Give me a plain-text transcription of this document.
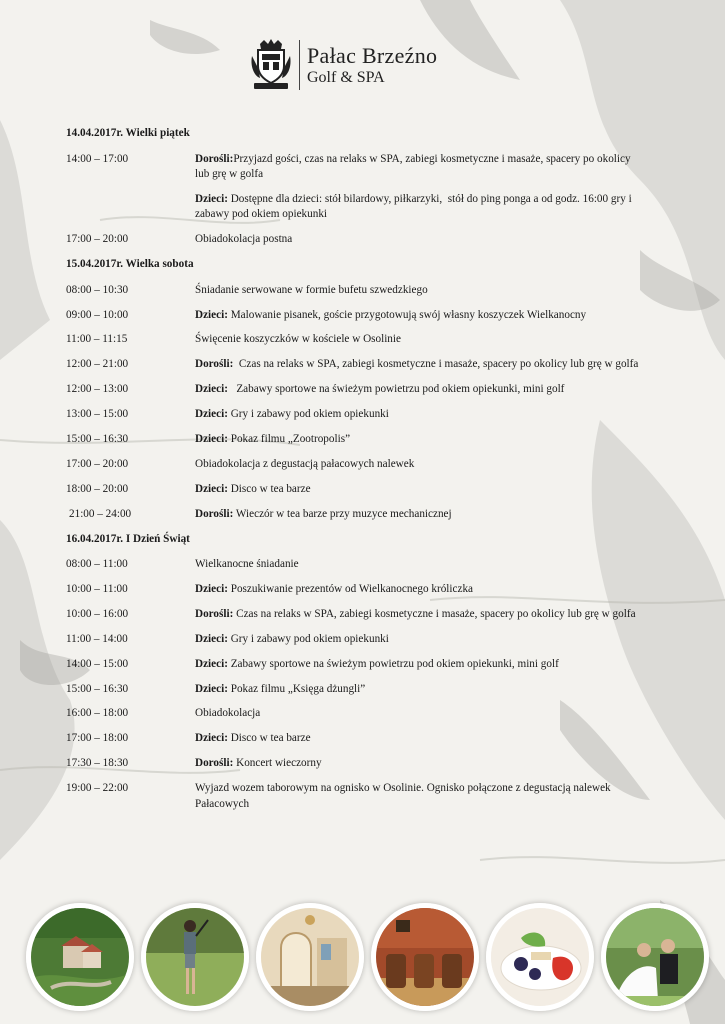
Pałac Brzeźno
Golf & SPA
14.04.2017r. Wielki piątek
14:00 – 17:00	Dorośli:Przyjazd gości, czas na relaks w SPA, zabiegi kosmetyczne i masaże, spacery po okolicy lub grę w golfa
Dzieci: Dostępne dla dzieci: stół bilardowy, piłkarzyki,  stół do ping ponga a od godz. 16:00 gry i zabawy pod okiem opiekunki
17:00 – 20:00	Obiadokolacja postna
15.04.2017r. Wielka sobota
08:00 – 10:30	Śniadanie serwowane w formie bufetu szwedzkiego
09:00 – 10:00	Dzieci: Malowanie pisanek, goście przygotowują swój własny koszyczek Wielkanocny
11:00 – 11:15	Święcenie koszyczków w kościele w Osolinie
12:00 – 21:00	Dorośli:  Czas na relaks w SPA, zabiegi kosmetyczne i masaże, spacery po okolicy lub grę w golfa
12:00 – 13:00	Dzieci:   Zabawy sportowe na świeżym powietrzu pod okiem opiekunki, mini golf
13:00 – 15:00	Dzieci: Gry i zabawy pod okiem opiekunki
15:00 – 16:30	Dzieci: Pokaz filmu „Zootropolis”
17:00 – 20:00	Obiadokolacja z degustacją pałacowych nalewek
18:00 – 20:00	Dzieci: Disco w tea barze
21:00 – 24:00	Dorośli: Wieczór w tea barze przy muzyce mechanicznej
16.04.2017r. I Dzień Świąt
08:00 – 11:00	Wielkanocne śniadanie
10:00 – 11:00	Dzieci: Poszukiwanie prezentów od Wielkanocnego króliczka
10:00 – 16:00	Dorośli: Czas na relaks w SPA, zabiegi kosmetyczne i masaże, spacery po okolicy lub grę w golfa
11:00 – 14:00	Dzieci: Gry i zabawy pod okiem opiekunki
14:00 – 15:00	Dzieci: Zabawy sportowe na świeżym powietrzu pod okiem opiekunki, mini golf
15:00 – 16:30	Dzieci: Pokaz filmu „Księga dżungli”
16:00 – 18:00	Obiadokolacja
17:00 – 18:00	Dzieci: Disco w tea barze
17:30 – 18:30	Dorośli: Koncert wieczorny
19:00 – 22:00	Wyjazd wozem taborowym na ognisko w Osolinie. Ognisko połączone z degustacją nalewek Pałacowych
